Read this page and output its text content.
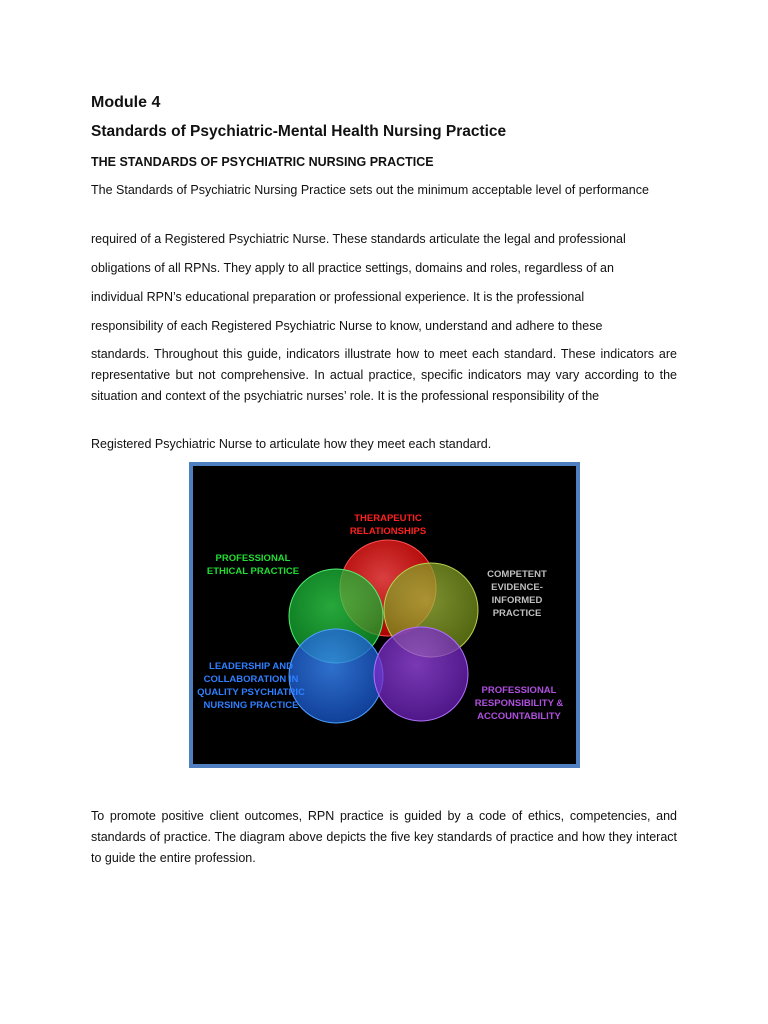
Module 4
Standards of Psychiatric-Mental Health Nursing Practice
THE STANDARDS OF PSYCHIATRIC NURSING PRACTICE

The Standards of Psychiatric Nursing Practice sets out the minimum acceptable level of performance

required of a Registered Psychiatric Nurse. These standards articulate the legal and professional

obligations of all RPNs. They apply to all practice settings, domains and roles, regardless of an

individual RPN’s educational preparation or professional experience. It is the professional

responsibility of each Registered Psychiatric Nurse to know, understand and adhere to these

standards. Throughout this guide, indicators illustrate how to meet each standard. These indicators are representative but not comprehensive. In actual practice, specific indicators may vary according to the situation and context of the psychiatric nurses’ role. It is the professional responsibility of the

Registered Psychiatric Nurse to articulate how they meet each standard.

THERAPEUTIC RELATIONSHIPS
PROFESSIONAL ETHICAL PRACTICE	COMPETENT EVIDENCE-INFORMED PRACTICE
LEADERSHIP AND COLLABORATION IN QUALITY PSYCHIATRIC NURSING PRACTICE
PROFESSIONAL RESPONSIBILITY & ACCOUNTABILITY

To promote positive client outcomes, RPN practice is guided by a code of ethics, competencies, and standards of practice. The diagram above depicts the five key standards of practice and how they interact to guide the entire profession.
